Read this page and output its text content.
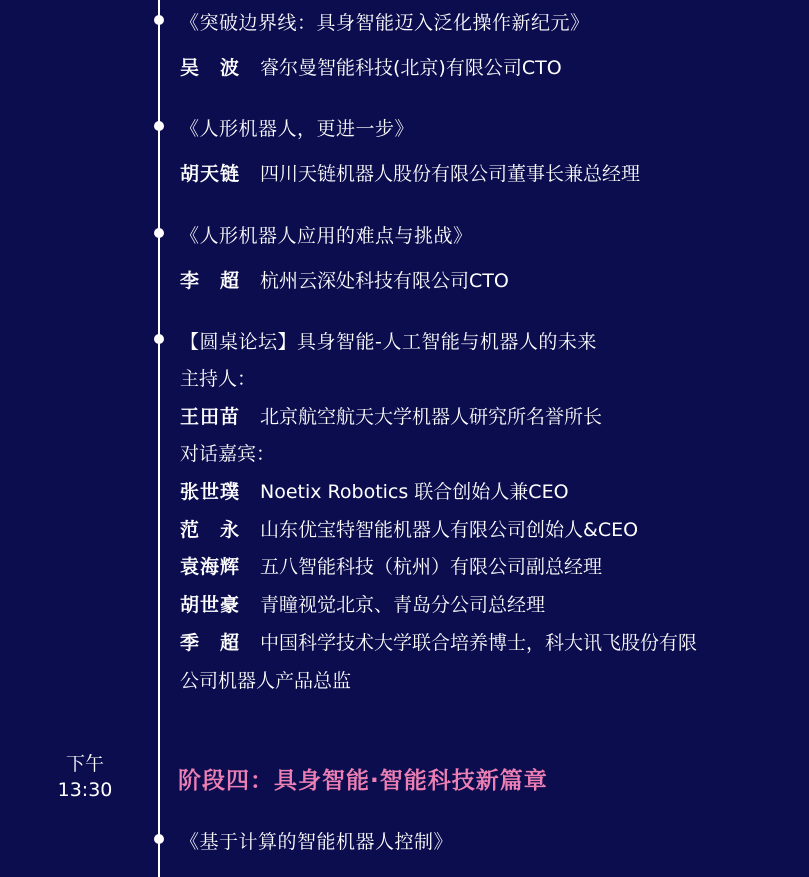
《突破边界线：具身智能迈入泛化操作新纪元》
吴　波	睿尔曼智能科技(北京)有限公司CTO
《人形机器人，更进一步》
胡天链	四川天链机器人股份有限公司董事长兼总经理
《人形机器人应用的难点与挑战》
李　超	杭州云深处科技有限公司CTO
【圆桌论坛】具身智能-人工智能与机器人的未来
主持人：
王田苗	北京航空航天大学机器人研究所名誉所长
对话嘉宾：
张世璞	Noetix Robotics 联合创始人兼CEO
范　永	山东优宝特智能机器人有限公司创始人&CEO
袁海辉	五八智能科技（杭州）有限公司副总经理
胡世豪	青瞳视觉北京、青岛分公司总经理
季　超	中国科学技术大学联合培养博士，科大讯飞股份有限
公司机器人产品总监
下午
13:30	阶段四：具身智能·智能科技新篇章
《基于计算的智能机器人控制》
